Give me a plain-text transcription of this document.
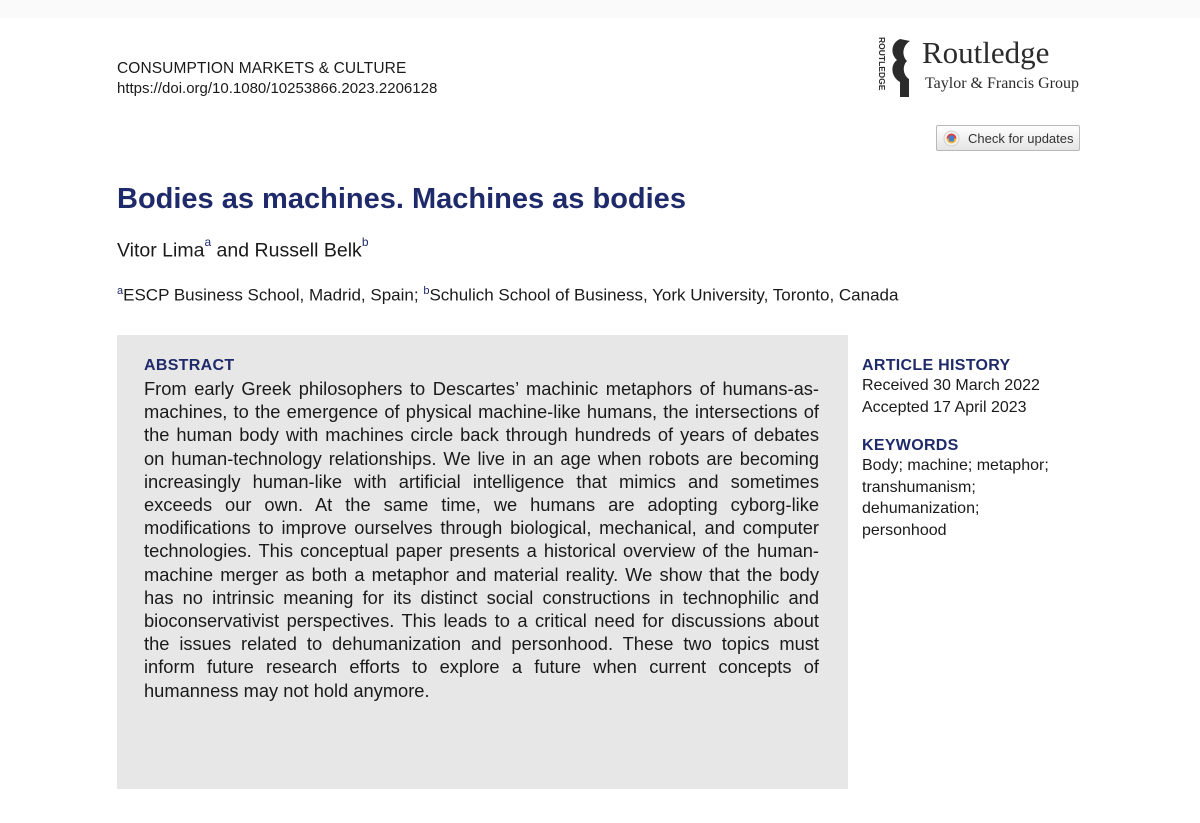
CONSUMPTION MARKETS & CULTURE
https://doi.org/10.1080/10253866.2023.2206128	ROUTLEDGE Routledge
Taylor & Francis Group
Check for updates
Bodies as machines. Machines as bodies
Vitor Lima$^a$ and Russell Belk$^b$
$^a$ESCP Business School, Madrid, Spain; $^b$Schulich School of Business, York University, Toronto, Canada
ABSTRACT
From early Greek philosophers to Descartes’ machinic metaphors of humans-as-machines, to the emergence of physical machine-like humans, the intersections of the human body with machines circle back through hundreds of years of debates on human-technology relationships. We live in an age when robots are becoming increasingly human-like with artificial intelligence that mimics and sometimes exceeds our own. At the same time, we humans are adopting cyborg-like modifications to improve ourselves through biological, mechanical, and computer technologies. This conceptual paper presents a historical overview of the human-machine merger as both a metaphor and material reality. We show that the body has no intrinsic meaning for its distinct social constructions in technophilic and bioconservativist perspectives. This leads to a critical need for discussions about the issues related to dehumanization and personhood. These two topics must inform future research efforts to explore a future when current concepts of humanness may not hold anymore.
ARTICLE HISTORY
Received 30 March 2022
Accepted 17 April 2023
KEYWORDS
Body; machine; metaphor;
transhumanism;
dehumanization;
personhood
